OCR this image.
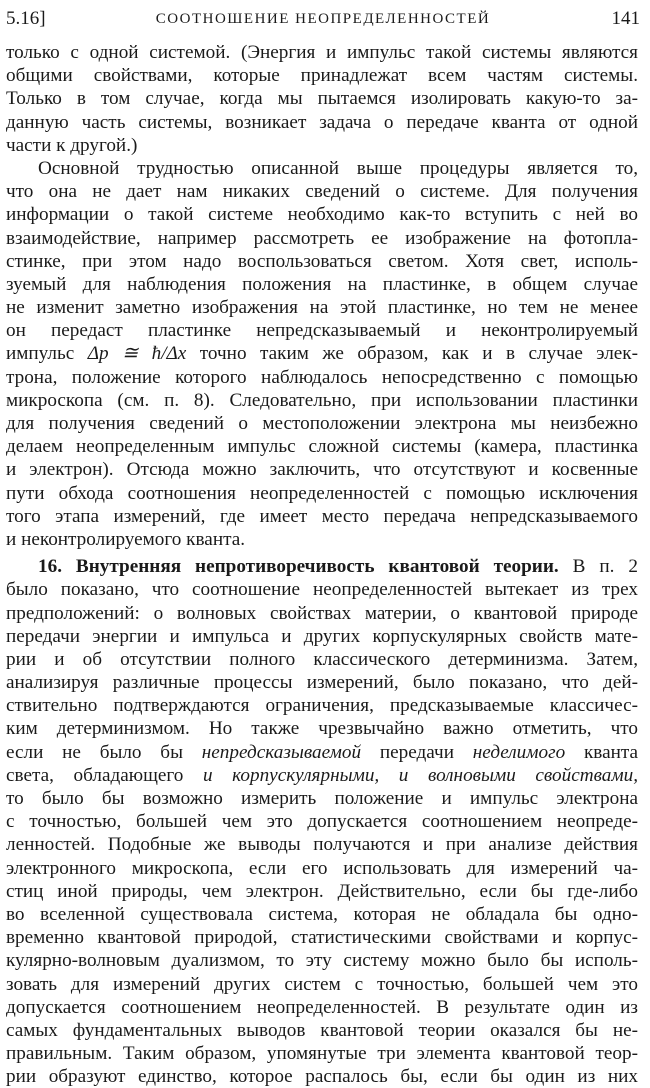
5.16]	СООТНОШЕНИЕ НЕОПРЕДЕЛЕННОСТЕЙ	141
только с одной системой. (Энергия и импульс такой системы являются
общими свойствами, которые принадлежат всем частям системы.
Только в том случае, когда мы пытаемся изолировать какую-то за-
данную часть системы, возникает задача о передаче кванта от одной
части к другой.)
Основной трудностью описанной выше процедуры является то,
что она не дает нам никаких сведений о системе. Для получения
информации о такой системе необходимо как-то вступить с ней во
взаимодействие, например рассмотреть ее изображение на фотопла-
стинке, при этом надо воспользоваться светом. Хотя свет, исполь-
зуемый для наблюдения положения на пластинке, в общем случае
не изменит заметно изображения на этой пластинке, но тем не менее
он передаст пластинке непредсказываемый и неконтролируемый
импульс Δp ≅ ħ/Δx точно таким же образом, как и в случае элек-
трона, положение которого наблюдалось непосредственно с помощью
микроскопа (см. п. 8). Следовательно, при использовании пластинки
для получения сведений о местоположении электрона мы неизбежно
делаем неопределенным импульс сложной системы (камера, пластинка
и электрон). Отсюда можно заключить, что отсутствуют и косвенные
пути обхода соотношения неопределенностей с помощью исключения
того этапа измерений, где имеет место передача непредсказываемого
и неконтролируемого кванта.
16. Внутренняя непротиворечивость квантовой теории. В п. 2
было показано, что соотношение неопределенностей вытекает из трех
предположений: о волновых свойствах материи, о квантовой природе
передачи энергии и импульса и других корпускулярных свойств мате-
рии и об отсутствии полного классического детерминизма. Затем,
анализируя различные процессы измерений, было показано, что дей-
ствительно подтверждаются ограничения, предсказываемые классичес-
ким детерминизмом. Но также чрезвычайно важно отметить, что
если не было бы непредсказываемой передачи неделимого кванта
света, обладающего и корпускулярными, и волновыми свойствами,
то было бы возможно измерить положение и импульс электрона
с точностью, большей чем это допускается соотношением неопреде-
ленностей. Подобные же выводы получаются и при анализе действия
электронного микроскопа, если его использовать для измерений ча-
стиц иной природы, чем электрон. Действительно, если бы где-либо
во вселенной существовала система, которая не обладала бы одно-
временно квантовой природой, статистическими свойствами и корпус-
кулярно-волновым дуализмом, то эту систему можно было бы исполь-
зовать для измерений других систем с точностью, большей чем это
допускается соотношением неопределенностей. В результате один из
самых фундаментальных выводов квантовой теории оказался бы не-
правильным. Таким образом, упомянутые три элемента квантовой теор-
рии образуют единство, которое распалось бы, если бы один из них
